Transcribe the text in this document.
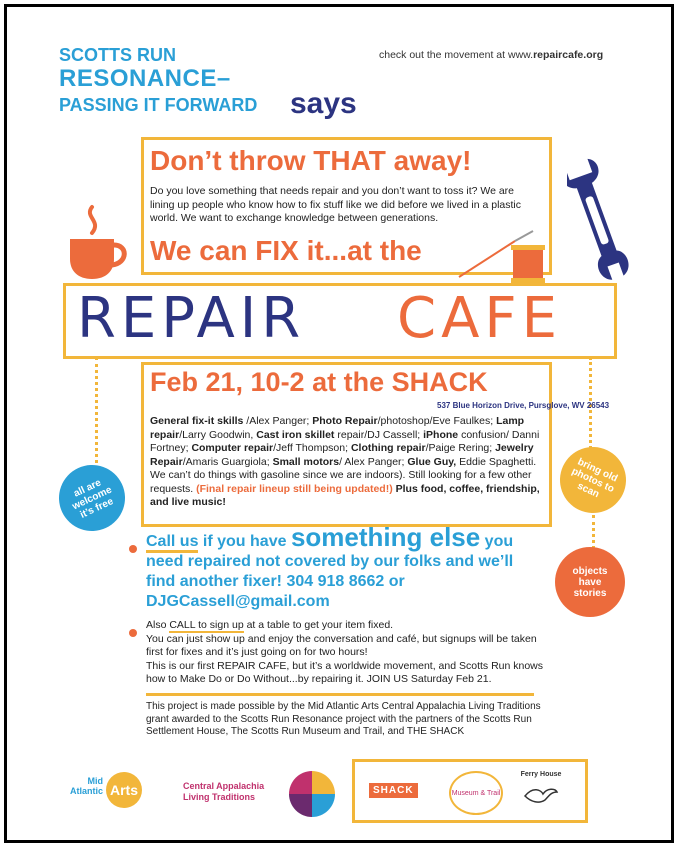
SCOTTS RUN
RESONANCE–
PASSING IT FORWARD says
check out the movement at www.repaircafe.org
Don’t throw THAT away!
Do you love something that needs repair and you don’t want to toss it? We are lining up people who know how to fix stuff like we did before we lived in a plastic world. We want to exchange knowledge between generations.
We can FIX it...at the
REPAIR CAFE
Feb 21, 10-2 at the SHACK
537 Blue Horizon Drive, Pursglove, WV 26543
General fix-it skills /Alex Panger; Photo Repair/photoshop/Eve Faulkes; Lamp repair/Larry Goodwin, Cast iron skillet repair/DJ Cassell; iPhone confusion/ Danni Fortney; Computer repair/Jeff Thompson; Clothing repair/Paige Rering; Jewelry Repair/Amaris Guargiola; Small motors/ Alex Panger; Glue Guy, Eddie Spaghetti. We can’t do things with gasoline since we are indoors). Still looking for a few other requests. (Final repair lineup still being updated!) Plus food, coffee, friendship, and live music!
all are welcome it’s free
bring old photos to scan
objects have stories
Call us if you have something else you
need repaired not covered by our folks and we’ll find another fixer! 304 918 8662 or DJGCassell@gmail.com
Also CALL to sign up at a table to get your item fixed.
You can just show up and enjoy the conversation and café, but signups will be taken first for fixes and it’s just going on for two hours!
This is our first REPAIR CAFE, but it’s a worldwide movement, and Scotts Run knows how to Make Do or Do Without...by repairing it. JOIN US Saturday Feb 21.
This project is made possible by the Mid Atlantic Arts Central Appalachia Living Traditions grant awarded to the Scotts Run Resonance project with the partners of the Scotts Run Settlement House, The Scotts Run Museum and Trail, and THE SHACK
Mid
Atlantic Arts	Central Appalachia
Living Traditions
SHACK	Museum & Trail
Ferry House
